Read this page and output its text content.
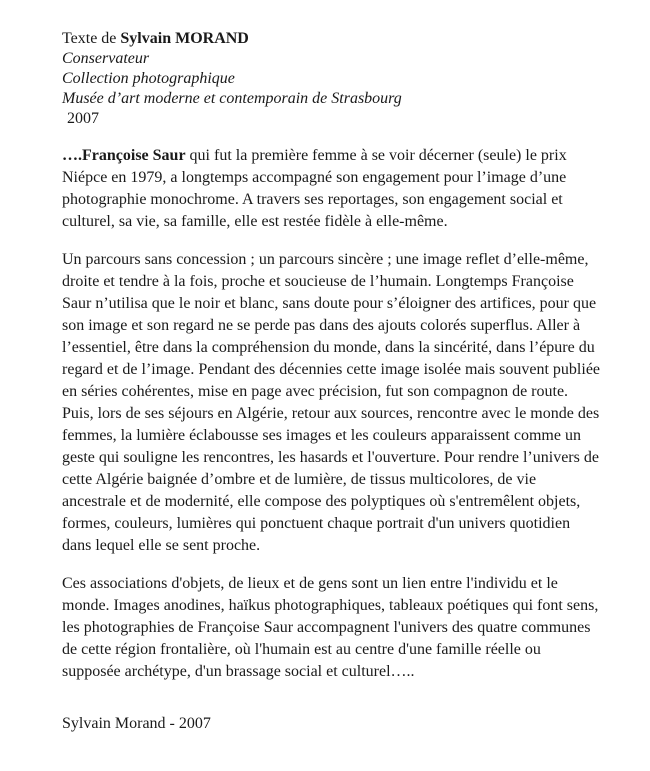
Texte de Sylvain MORAND
Conservateur
Collection photographique
Musée d’art moderne et contemporain de Strasbourg
2007

….Françoise Saur qui fut la première femme à se voir décerner (seule) le prix Niépce en 1979, a longtemps accompagné son engagement pour l’image d’une photographie monochrome. A travers ses reportages, son engagement social et culturel, sa vie, sa famille, elle est restée fidèle à elle-même.

Un parcours sans concession ; un parcours sincère ; une image reflet d’elle-même, droite et tendre à la fois, proche et soucieuse de l’humain. Longtemps Françoise Saur n’utilisa que le noir et blanc, sans doute pour s’éloigner des artifices, pour que son image et son regard ne se perde pas dans des ajouts colorés superflus. Aller à l’essentiel, être dans la compréhension du monde, dans la sincérité, dans l’épure du regard et de l’image. Pendant des décennies cette image isolée mais souvent publiée en séries cohérentes, mise en page avec précision, fut son compagnon de route. Puis, lors de ses séjours en Algérie, retour aux sources, rencontre avec le monde des femmes, la lumière éclabousse ses images et les couleurs apparaissent comme un geste qui souligne les rencontres, les hasards et l'ouverture. Pour rendre l’univers de cette Algérie baignée d’ombre et de lumière, de tissus multicolores, de vie ancestrale et de modernité, elle compose des polyptiques où s'entremêlent objets, formes, couleurs, lumières qui ponctuent chaque portrait d'un univers quotidien dans lequel elle se sent proche.

Ces associations d'objets, de lieux et de gens sont un lien entre l'individu et le monde. Images anodines, haïkus photographiques, tableaux poétiques qui font sens, les photographies de Françoise Saur accompagnent l'univers des quatre communes de cette région frontalière, où l'humain est au centre d'une famille réelle ou supposée archétype, d'un brassage social et culturel…..

Sylvain Morand - 2007
